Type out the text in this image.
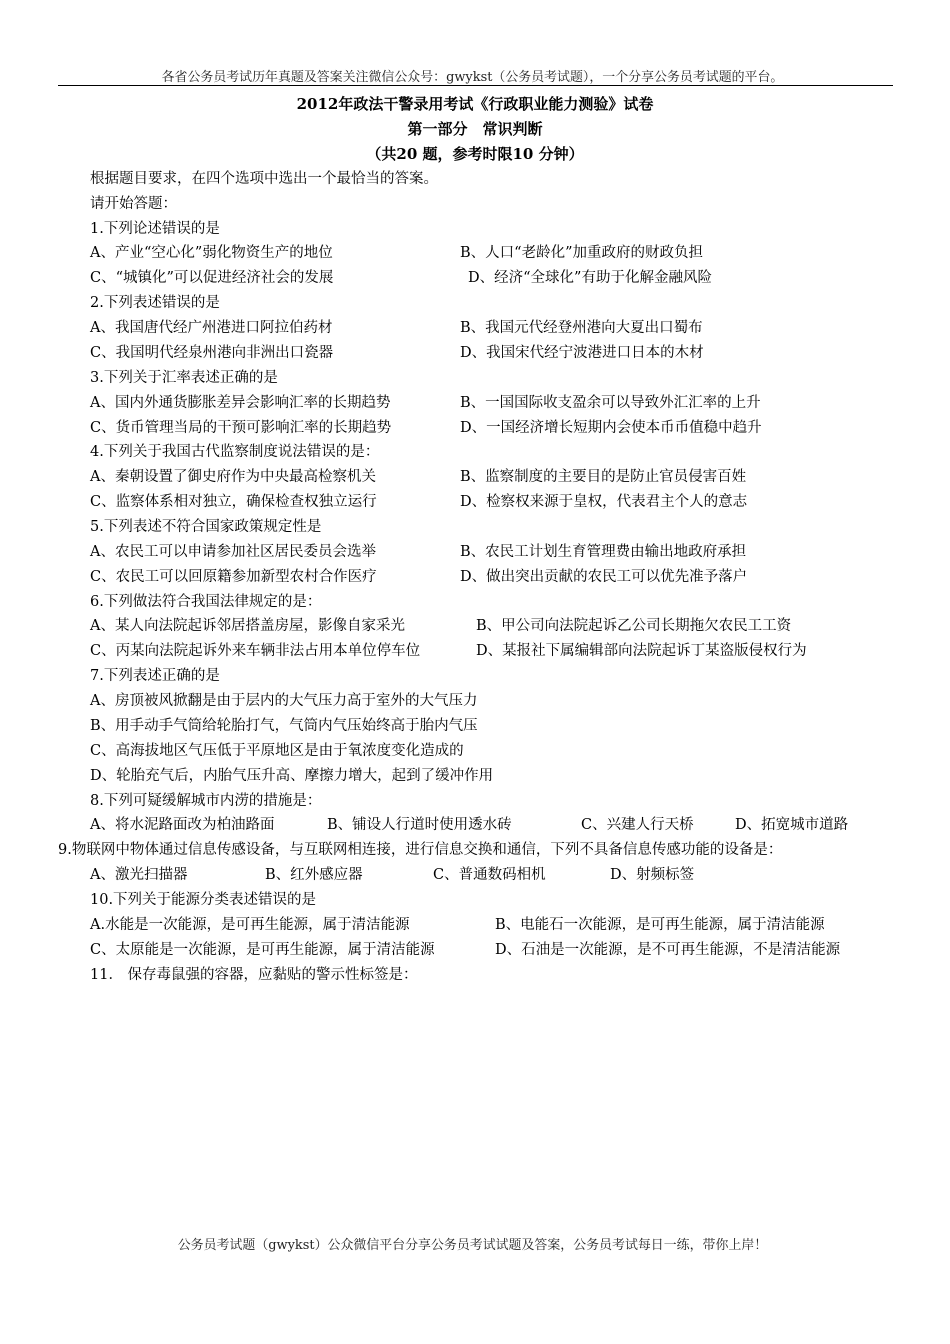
各省公务员考试历年真题及答案关注微信公众号：gwykst（公务员考试题），一个分享公务员考试题的平台。
2012年政法干警录用考试《行政职业能力测验》试卷
第一部分　常识判断
（共20 题，参考时限10 分钟）
根据题目要求，在四个选项中选出一个最恰当的答案。
请开始答题：
1.下列论述错误的是
A、产业“空心化”弱化物资生产的地位	B、人口“老龄化”加重政府的财政负担
C、“城镇化”可以促进经济社会的发展	D、经济“全球化”有助于化解金融风险
2.下列表述错误的是
A、我国唐代经广州港进口阿拉伯药材	B、我国元代经登州港向大夏出口蜀布
C、我国明代经泉州港向非洲出口瓷器	D、我国宋代经宁波港进口日本的木材
3.下列关于汇率表述正确的是
A、国内外通货膨胀差异会影响汇率的长期趋势	B、一国国际收支盈余可以导致外汇汇率的上升
C、货币管理当局的干预可影响汇率的长期趋势	D、一国经济增长短期内会使本币币值稳中趋升
4.下列关于我国古代监察制度说法错误的是：
A、秦朝设置了御史府作为中央最高检察机关	B、监察制度的主要目的是防止官员侵害百姓
C、监察体系相对独立，确保检查权独立运行	D、检察权来源于皇权，代表君主个人的意志
5.下列表述不符合国家政策规定性是
A、农民工可以申请参加社区居民委员会选举	B、农民工计划生育管理费由输出地政府承担
C、农民工可以回原籍参加新型农村合作医疗	D、做出突出贡献的农民工可以优先准予落户
6.下列做法符合我国法律规定的是：
A、某人向法院起诉邻居搭盖房屋，影像自家采光	B、甲公司向法院起诉乙公司长期拖欠农民工工资
C、丙某向法院起诉外来车辆非法占用本单位停车位	D、某报社下属编辑部向法院起诉丁某盗版侵权行为
7.下列表述正确的是
A、房顶被风掀翻是由于层内的大气压力高于室外的大气压力
B、用手动手气筒给轮胎打气，气筒内气压始终高于胎内气压
C、高海拔地区气压低于平原地区是由于氧浓度变化造成的
D、轮胎充气后，内胎气压升高、摩擦力增大，起到了缓冲作用
8.下列可疑缓解城市内涝的措施是：
A、将水泥路面改为柏油路面	B、铺设人行道时使用透水砖	C、兴建人行天桥	D、拓宽城市道路
9.物联网中物体通过信息传感设备，与互联网相连接，进行信息交换和通信，下列不具备信息传感功能的设备是：
A、激光扫描器	B、红外感应器	C、普通数码相机	D、射频标签
10.下列关于能源分类表述错误的是
A.水能是一次能源，是可再生能源，属于清洁能源	B、电能石一次能源，是可再生能源，属于清洁能源
C、太原能是一次能源，是可再生能源，属于清洁能源	D、石油是一次能源，是不可再生能源，不是清洁能源
11． 保存毒鼠强的容器，应黏贴的警示性标签是：
公务员考试题（gwykst）公众微信平台分享公务员考试试题及答案，公务员考试每日一练，带你上岸！
